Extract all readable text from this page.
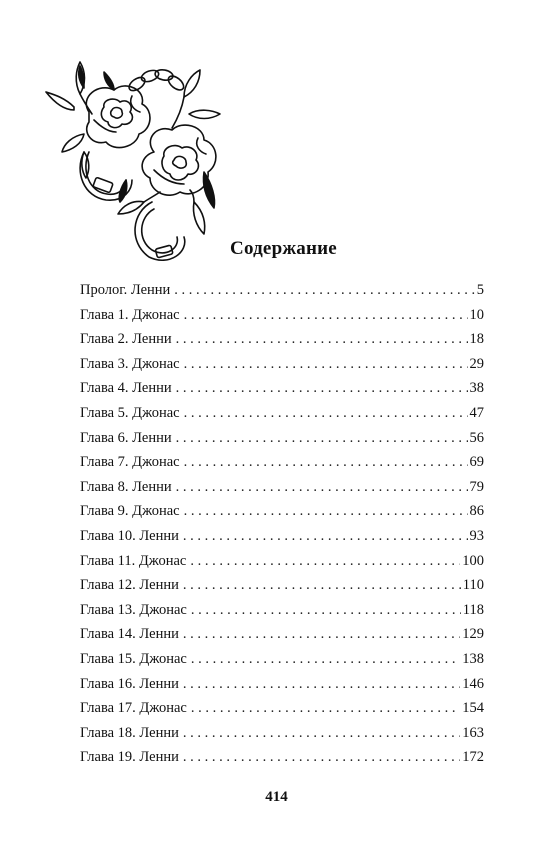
Содержание
Пролог. Ленни . . .	5
Глава 1. Джонас . . .	10
Глава 2. Ленни . . .	18
Глава 3. Джонас . . .	29
Глава 4. Ленни . . .	38
Глава 5. Джонас . . .	47
Глава 6. Ленни . . .	56
Глава 7. Джонас . . .	69
Глава 8. Ленни . . .	79
Глава 9. Джонас . . .	86
Глава 10. Ленни . . .	93
Глава 11. Джонас . . .	100
Глава 12. Ленни . . .	110
Глава 13. Джонас . . .	118
Глава 14. Ленни . . .	129
Глава 15. Джонас . . .	138
Глава 16. Ленни . . .	146
Глава 17. Джонас . . .	154
Глава 18. Ленни . . .	163
Глава 19. Ленни . . .	172
414
